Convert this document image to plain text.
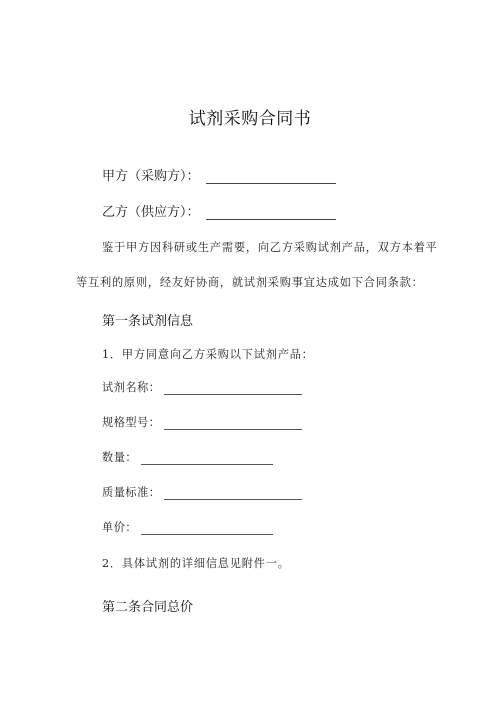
试剂采购合同书
甲方（采购方）：
乙方（供应方）：
鉴于甲方因科研或生产需要，向乙方采购试剂产品，双方本着平
等互利的原则，经友好协商，就试剂采购事宜达成如下合同条款：
第一条试剂信息
1．甲方同意向乙方采购以下试剂产品：
试剂名称：
规格型号：
数量：
质量标准：
单价：
2．具体试剂的详细信息见附件一。
第二条合同总价
